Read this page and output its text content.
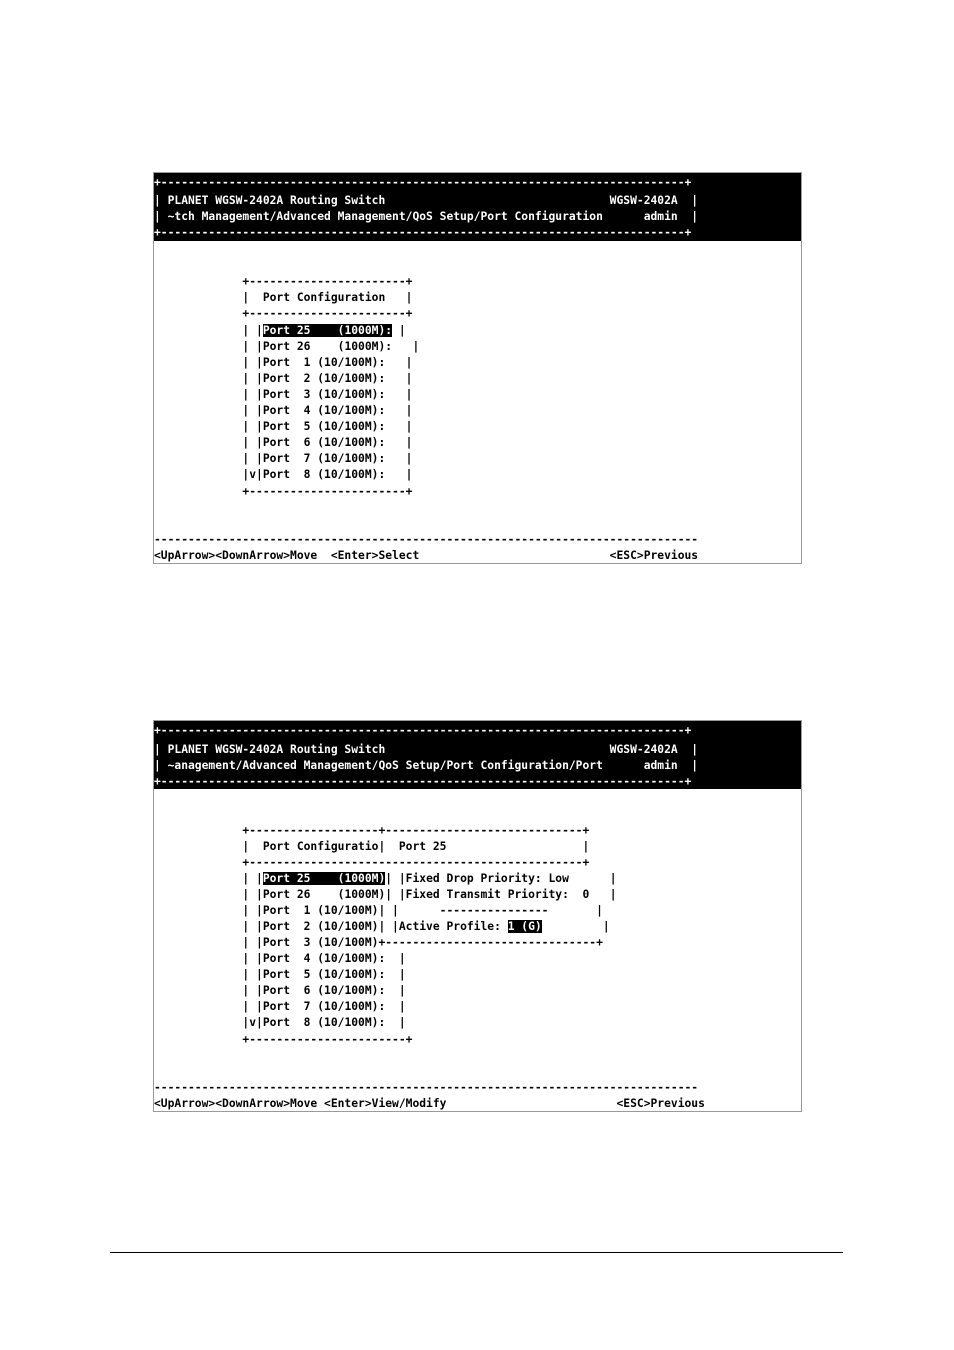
+-----------------------------------------------------------------------------+
| PLANET WGSW-2402A Routing Switch                                 WGSW-2402A  |
| ~tch Management/Advanced Management/QoS Setup/Port Configuration      admin  |
+-----------------------------------------------------------------------------+
+-----------------------+
|  Port Configuration   |
+-----------------------+
| |Port 25    (1000M): |
| |Port 26    (1000M):   |
| |Port  1 (10/100M):   |
| |Port  2 (10/100M):   |
| |Port  3 (10/100M):   |
| |Port  4 (10/100M):   |
| |Port  5 (10/100M):   |
| |Port  6 (10/100M):   |
| |Port  7 (10/100M):   |
|v|Port  8 (10/100M):   |
+-----------------------+
--------------------------------------------------------------------------------
<UpArrow><DownArrow>Move  <Enter>Select                            <ESC>Previous
+-----------------------------------------------------------------------------+
| PLANET WGSW-2402A Routing Switch                                 WGSW-2402A  |
| ~anagement/Advanced Management/QoS Setup/Port Configuration/Port      admin  |
+-----------------------------------------------------------------------------+
+-------------------+-----------------------------+
|  Port Configuratio|  Port 25                    |
+-------------------------------------------------+
| |Port 25    (1000M)| |Fixed Drop Priority: Low      |
| |Port 26    (1000M)| |Fixed Transmit Priority:  0   |
| |Port  1 (10/100M)| |      ----------------       |
| |Port  2 (10/100M)| |Active Profile: 1 (G)         |
| |Port  3 (10/100M)+-------------------------------+
| |Port  4 (10/100M):  |
| |Port  5 (10/100M):  |
| |Port  6 (10/100M):  |
| |Port  7 (10/100M):  |
|v|Port  8 (10/100M):  |
+-----------------------+
--------------------------------------------------------------------------------
<UpArrow><DownArrow>Move <Enter>View/Modify                         <ESC>Previous
